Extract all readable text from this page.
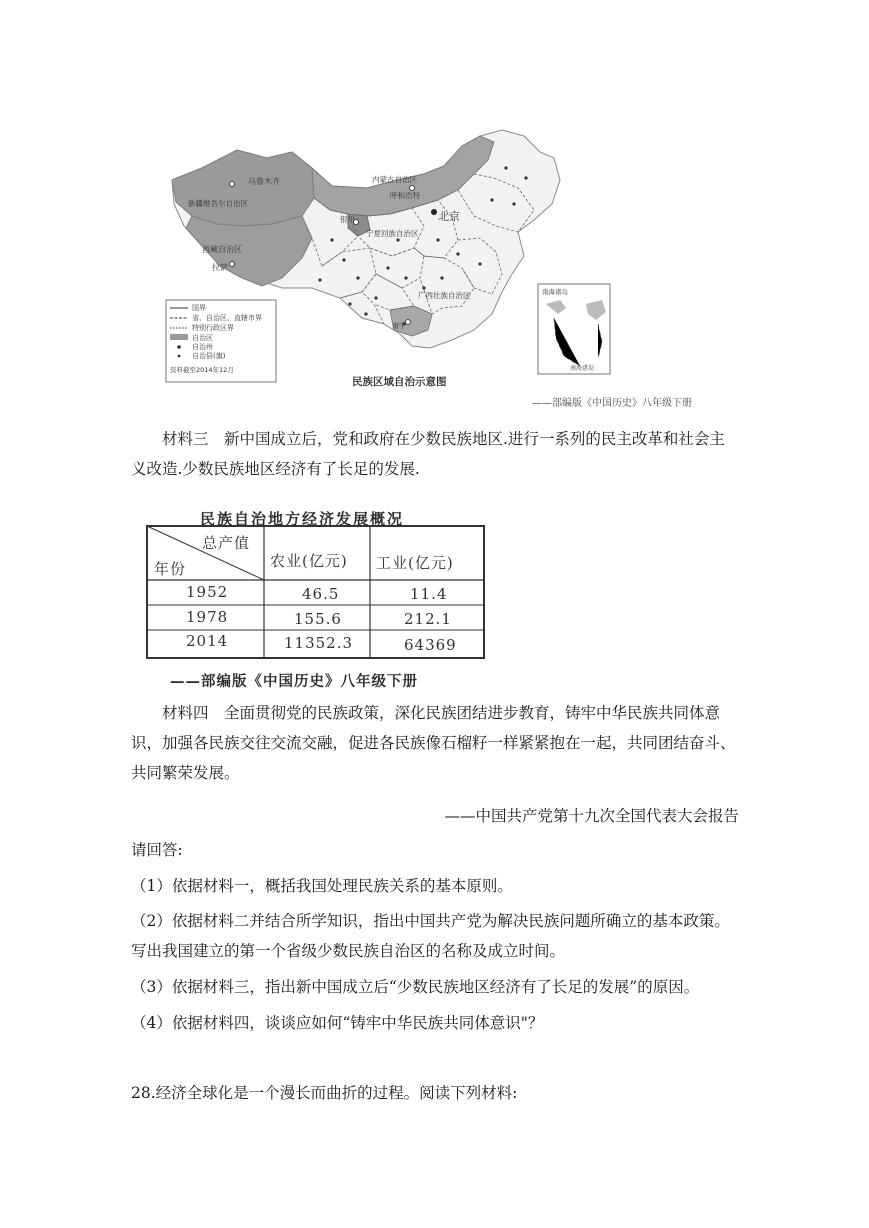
乌鲁木齐
新疆维吾尔自治区
西藏自治区
拉萨
内蒙古自治区
呼和浩特
北京
银川
宁夏回族自治区
广西壮族自治区
南宁
国界
省、自治区、直辖市界
特别行政区界
自治区
自治州
自治县(旗)
资料截至2014年12月
南海诸岛
南海诸岛
民族区域自治示意图
——部编版《中国历史》八年级下册
材料三　新中国成立后，党和政府在少数民族地区.进行一系列的民主改革和社会主义改造.少数民族地区经济有了长足的发展.
民族自治地方经济发展概况
总产值
年份	农业(亿元) 工业(亿元)
1952	46.5	11.4
1978	155.6	212.1
2014	11352.3	64369
——部编版《中国历史》八年级下册
材料四　全面贯彻党的民族政策，深化民族团结进步教育，铸牢中华民族共同体意识，加强各民族交往交流交融，促进各民族像石榴籽一样紧紧抱在一起，共同团结奋斗、共同繁荣发展。
——中国共产党第十九次全国代表大会报告
请回答:
（1）依据材料一，概括我国处理民族关系的基本原则。
（2）依据材料二并结合所学知识，指出中国共产党为解决民族问题所确立的基本政策。写出我国建立的第一个省级少数民族自治区的名称及成立时间。
（3）依据材料三，指出新中国成立后“少数民族地区经济有了长足的发展”的原因。
（4）依据材料四，谈谈应如何“铸牢中华民族共同体意识"？
28.经济全球化是一个漫长而曲折的过程。阅读下列材料:
